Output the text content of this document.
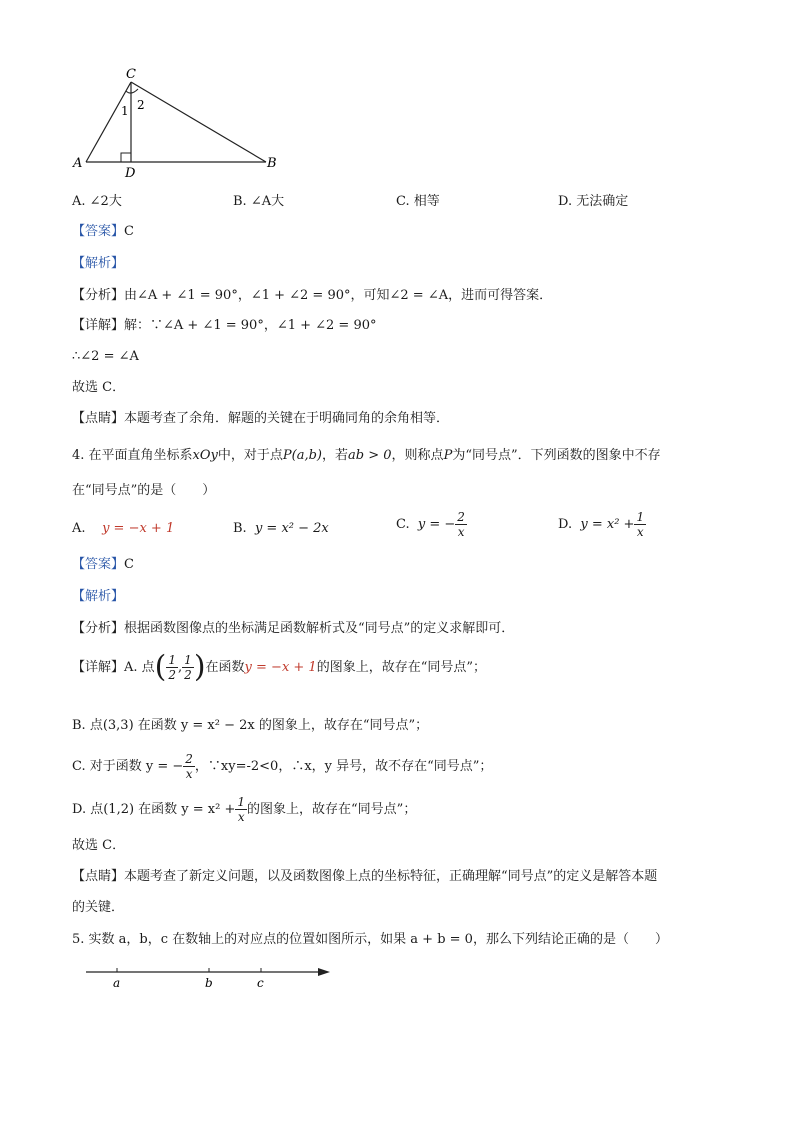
C
A	B
D
1 2
A. ∠2大	B. ∠A大	C. 相等	D. 无法确定
【答案】C
【解析】
【分析】由∠A + ∠1 = 90°，∠1 + ∠2 = 90°，可知∠2 = ∠A，进而可得答案．
【详解】解：∵∠A + ∠1 = 90°，∠1 + ∠2 = 90°
∴∠2 = ∠A
故选 C．
【点睛】本题考查了余角．解题的关键在于明确同角的余角相等．
4. 在平面直角坐标系xOy中，对于点P(a,b)，若ab > 0，则称点P为“同号点”．下列函数的图象中不存
在“同号点”的是（　　）
A. y = −x + 1	B. y = x² − 2x	C. y = − $\frac{2}{x}$	D. $y = x^2 + \frac{1}{x}$
【答案】C
【解析】
【分析】根据函数图像点的坐标满足函数解析式及“同号点”的定义求解即可．
【详解】A. 点( $\frac{1}{2}$ , $\frac{1}{2}$ )在函数y = −x + 1的图象上，故存在“同号点”；
B. 点(3,3) 在函数 y = x² − 2x 的图象上，故存在“同号点”；
C. 对于函数 y = − $\frac{2}{x}$ ，∵xy=-2<0，∴x，y 异号，故不存在“同号点”；
D. 点(1,2) 在函数 $y = x^2 + \frac{1}{x}$ 的图象上，故存在“同号点”；
故选 C．
【点睛】本题考查了新定义问题，以及函数图像上点的坐标特征，正确理解“同号点”的定义是解答本题
的关键．
5. 实数 a，b，c 在数轴上的对应点的位置如图所示，如果 a + b = 0，那么下列结论正确的是（　　）
a	b	c
